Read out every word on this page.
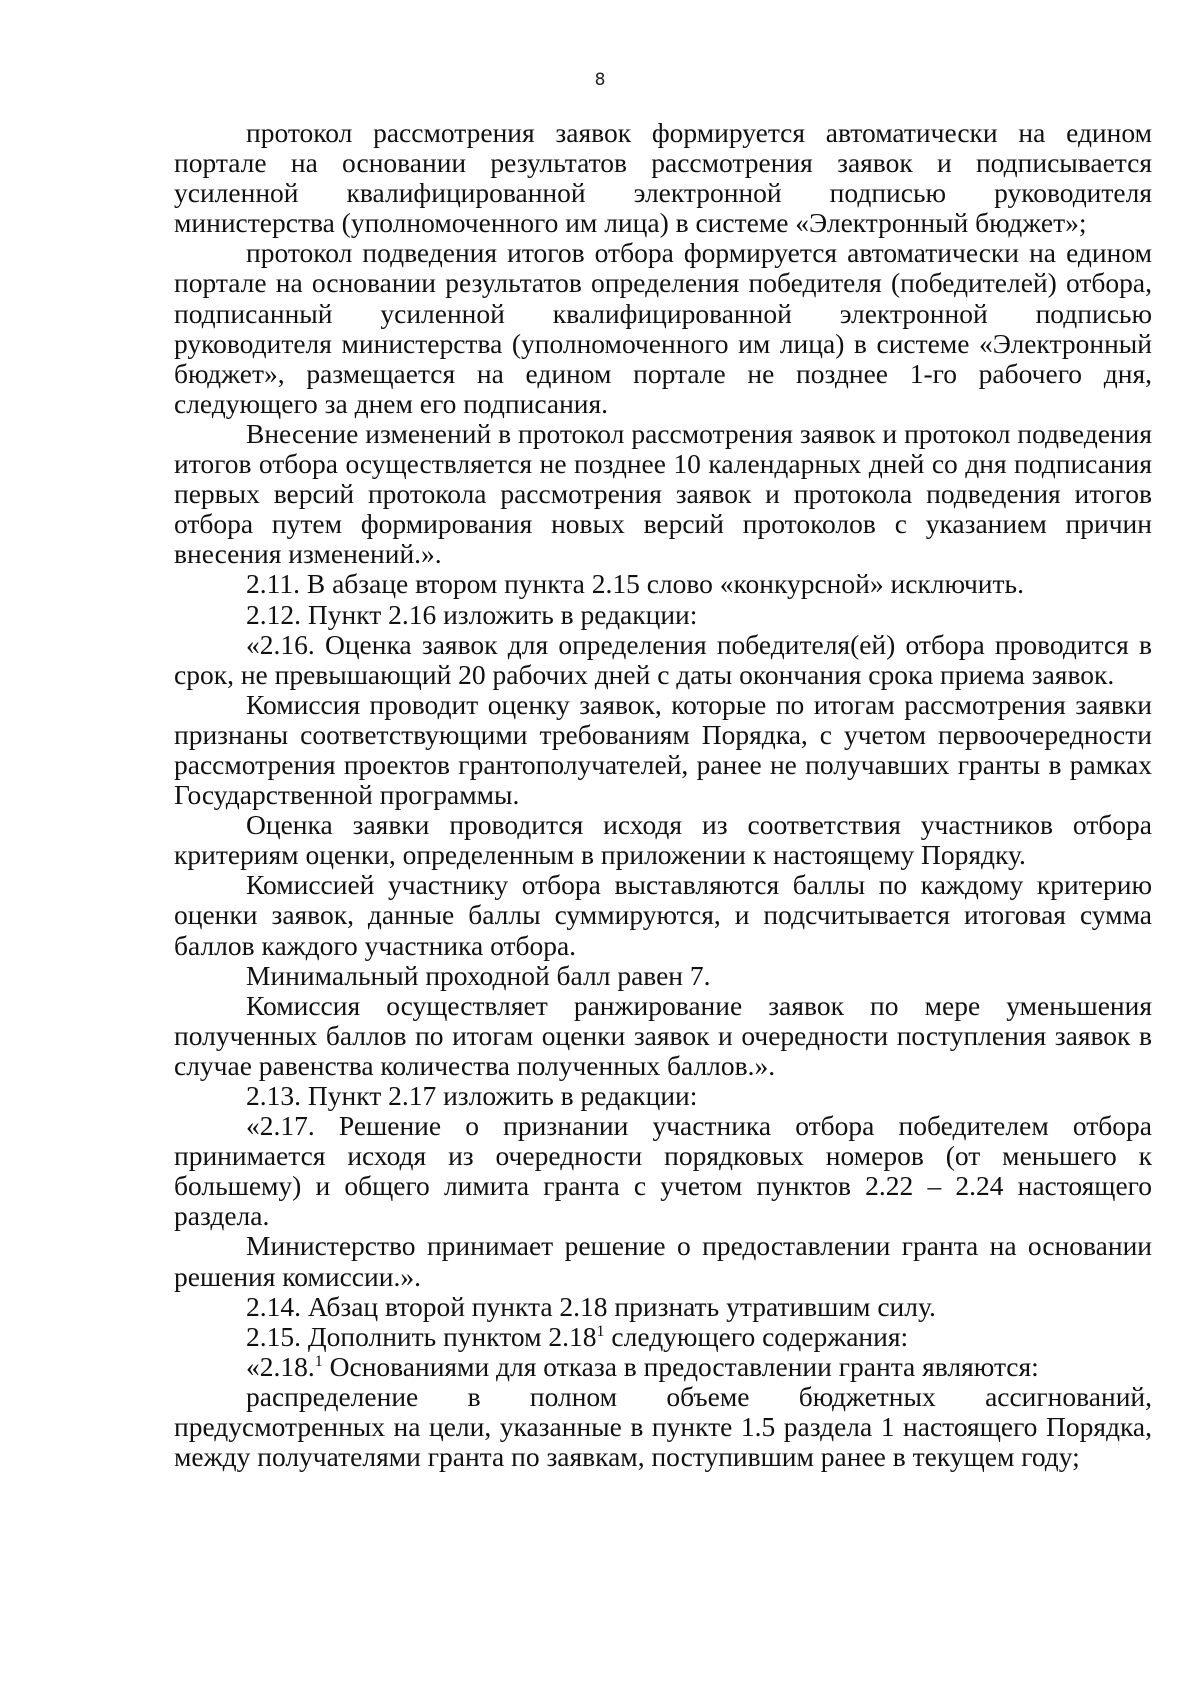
8

протокол рассмотрения заявок формируется автоматически на едином портале на основании результатов рассмотрения заявок и подписывается усиленной квалифицированной электронной подписью руководителя министерства (уполномоченного им лица) в системе «Электронный бюджет»;

протокол подведения итогов отбора формируется автоматически на едином портале на основании результатов определения победителя (победителей) отбора, подписанный усиленной квалифицированной электронной подписью руководителя министерства (уполномоченного им лица) в системе «Электронный бюджет», размещается на едином портале не позднее 1-го рабочего дня, следующего за днем его подписания.

Внесение изменений в протокол рассмотрения заявок и протокол подведения итогов отбора осуществляется не позднее 10 календарных дней со дня подписания первых версий протокола рассмотрения заявок и протокола подведения итогов отбора путем формирования новых версий протоколов с указанием причин внесения изменений.».

2.11. В абзаце втором пункта 2.15 слово «конкурсной» исключить.

2.12. Пункт 2.16 изложить в редакции:

«2.16. Оценка заявок для определения победителя(ей) отбора проводится в срок, не превышающий 20 рабочих дней с даты окончания срока приема заявок.

Комиссия проводит оценку заявок, которые по итогам рассмотрения заявки признаны соответствующими требованиям Порядка, с учетом первоочередности рассмотрения проектов грантополучателей, ранее не получавших гранты в рамках Государственной программы.

Оценка заявки проводится исходя из соответствия участников отбора критериям оценки, определенным в приложении к настоящему Порядку.

Комиссией участнику отбора выставляются баллы по каждому критерию оценки заявок, данные баллы суммируются, и подсчитывается итоговая сумма баллов каждого участника отбора.

Минимальный проходной балл равен 7.

Комиссия осуществляет ранжирование заявок по мере уменьшения полученных баллов по итогам оценки заявок и очередности поступления заявок в случае равенства количества полученных баллов.».

2.13. Пункт 2.17 изложить в редакции:

«2.17. Решение о признании участника отбора победителем отбора принимается исходя из очередности порядковых номеров (от меньшего к большему) и общего лимита гранта с учетом пунктов 2.22 – 2.24 настоящего раздела.

Министерство принимает решение о предоставлении гранта на основании решения комиссии.».

2.14. Абзац второй пункта 2.18 признать утратившим силу.

2.15. Дополнить пунктом 2.18$^1$ следующего содержания:

«2.18.$^1$ Основаниями для отказа в предоставлении гранта являются:

распределение в полном объеме бюджетных ассигнований, предусмотренных на цели, указанные в пункте 1.5 раздела 1 настоящего Порядка, между получателями гранта по заявкам, поступившим ранее в текущем году;
